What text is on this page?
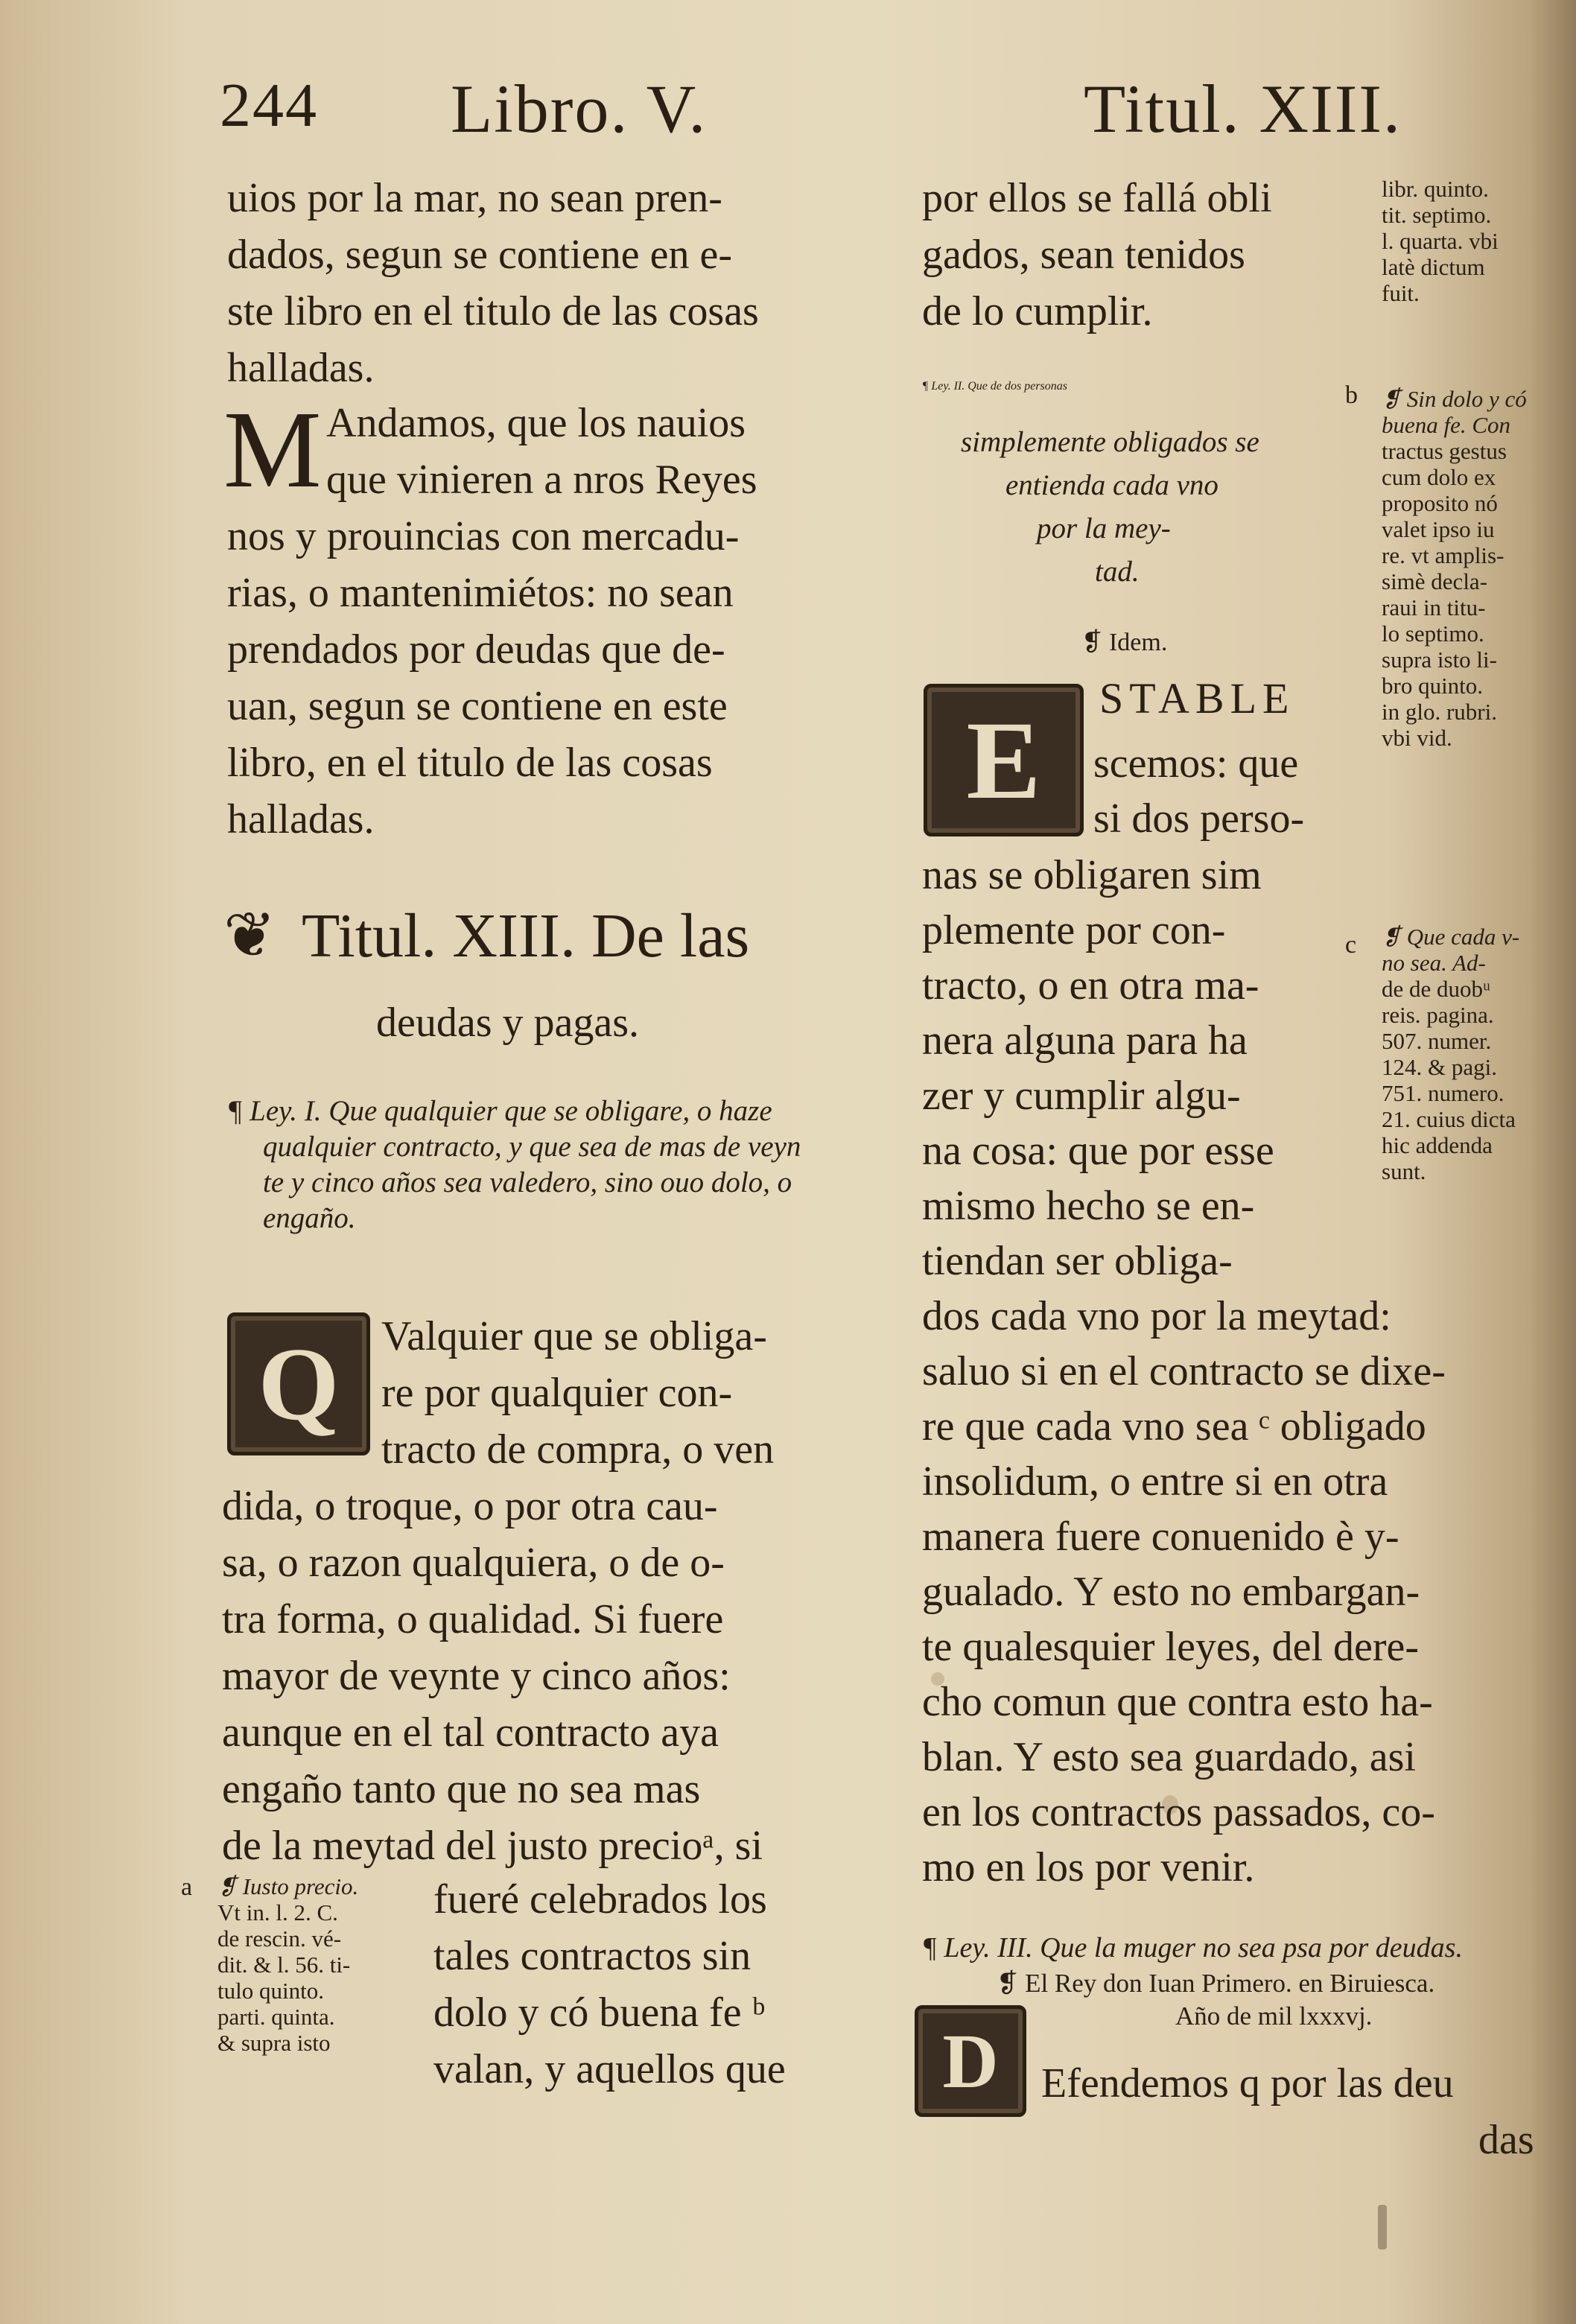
244 Libro. V.	Titul. XIII.
uios por la mar, no sean pren-
dados, segun se contiene en e-
ste libro en el titulo de las cosas
halladas.
M Andamos, que los nauios
que vinieren a nros Reyes
nos y prouincias con mercadu-
rias, o mantenimiétos: no sean
prendados por deudas que de-
uan, segun se contiene en este
libro, en el titulo de las cosas
halladas.
❦ Titul. XIII. De las
deudas y pagas.
¶ Ley. I. Que qualquier que se obligare, o haze
qualquier contracto, y que sea de mas de veyn
te y cinco años sea valedero, sino ouo dolo, o
engaño.
Q	Valquier que se obliga-
re por qualquier con-
tracto de compra, o ven
dida, o troque, o por otra cau-
sa, o razon qualquiera, o de o-
tra forma, o qualidad. Si fuere
mayor de veynte y cinco años:
aunque en el tal contracto aya
engaño tanto que no sea mas
de la meytad del justo precioᵃ, si
a ❡ Iusto precio.
Vt in. l. 2. C.
de rescin. vé-
dit. & l. 56. ti-
tulo quinto.
parti. quinta.
& supra isto
fueré celebrados los
tales contractos sin
dolo y có buena fe ᵇ
valan, y aquellos que
por ellos se fallá obli
gados, sean tenidos
de lo cumplir.
¶ Ley. II. Que de dos personas
simplemente obligados se
entienda cada vno
por la mey-
tad.
b
❡ Idem.
E	STABLE
scemos: que
si dos perso-
nas se obligaren sim
plemente por con-
tracto, o en otra ma-
nera alguna para ha
zer y cumplir algu-
na cosa: que por esse
mismo hecho se en-
tiendan ser obliga-
c
dos cada vno por la meytad:
saluo si en el contracto se dixe-
re que cada vno sea ᶜ obligado
insolidum, o entre si en otra
manera fuere conuenido è y-
gualado. Y esto no embargan-
te qualesquier leyes, del dere-
cho comun que contra esto ha-
blan. Y esto sea guardado, asi
en los contractos passados, co-
mo en los por venir.
¶ Ley. III. Que la muger no sea psa por deudas.
❡ El Rey don Iuan Primero. en Biruiesca.
Año de mil lxxxvj.
D	Efendemos q por las deu
das
libr. quinto.
tit. septimo.
l. quarta. vbi
latè dictum
fuit.
❡ Sin dolo y có
buena fe. Con
tractus gestus
cum dolo ex
proposito nó
valet ipso iu
re. vt amplis-
simè decla-
raui in titu-
lo septimo.
supra isto li-
bro quinto.
in glo. rubri.
vbi vid.
❡ Que cada v-
no sea. Ad-
de de duobᵘ
reis. pagina.
507. numer.
124. & pagi.
751. numero.
21. cuius dicta
hic addenda
sunt.
